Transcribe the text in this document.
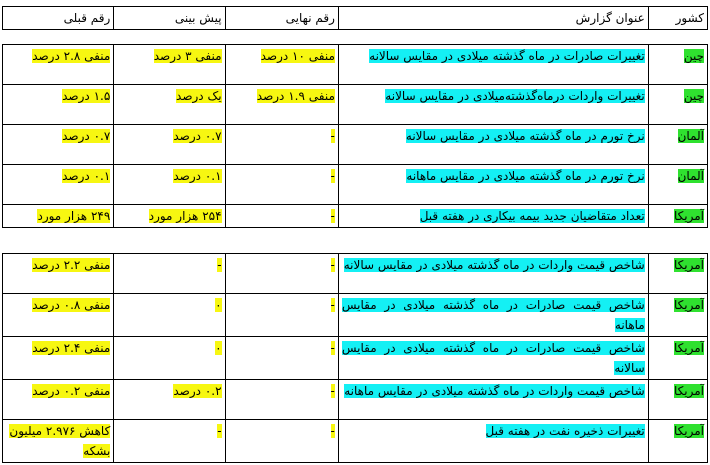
کشور	عنوان گزارش	رقم نهایی	پیش بینی	رقم قبلی

چین	تغییرات صادرات در ماه گذشته میلادی در مقایس سالانه	منفی ۱۰ درصد	منفی ۳ درصد	منفی ۲.۸ درصد
چین	تغییرات واردات درماه‌گذشته‌میلادی در مقایس سالانه	منفی ۱.۹ درصد	یک درصد	۱.۵ درصد
آلمان	نرخ تورم در ماه گذشته میلادی در مقایس سالانه	-	۰.۷ درصد	۰.۷ درصد
آلمان	نرخ تورم در ماه گذشته میلادی در مقایس ماهانه	-	۰.۱ درصد	۰.۱ درصد
آمریکا	تعداد متقاضیان جدید بیمه بیکاری در هفته قبل	-	۲۵۴ هزار مورد	۲۴۹ هزار مورد
آمریکا	شاخص قیمت واردات در ماه گذشته میلادی در مقایس سالانه	-	-	منفی ۲.۲ درصد
آمریکا	شاخص قیمت صادرات در ماه گذشته میلادی در مقایس ماهانه	-	۰	منفی ۰.۸ درصد
آمریکا	شاخص قیمت صادرات در ماه گذشته میلادی در مقایس سالانه	-	۰	منفی ۲.۴ درصد
آمریکا	شاخص قیمت واردات در ماه گذشته میلادی در مقایس ماهانه	-	۰.۲ درصد	منفی ۰.۲ درصد
آمریکا	تغییرات ذخیره نفت در هفته قبل	-	-	کاهش ۲.۹۷۶ میلیون بشکه
